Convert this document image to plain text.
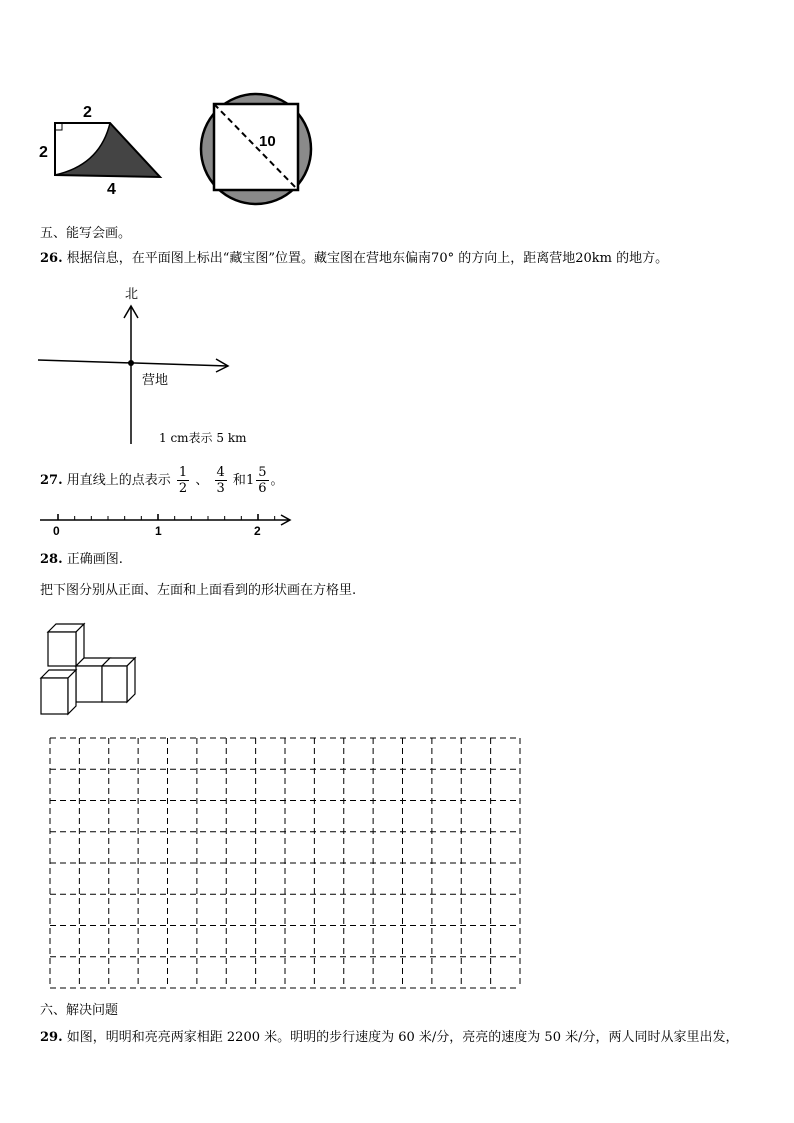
2
2
4
10
五、能写会画。
26. 根据信息，在平面图上标出“藏宝图”位置。藏宝图在营地东偏南70° 的方向上，距离营地20km 的地方。
北
营地
1 cm表示 5 km
27. 用直线上的点表示 $\frac{1}{2}$ 、 $\frac{4}{3}$ 和$1 \frac{5}{6}$ 。
0	1	2
28. 正确画图.
把下图分别从正面、左面和上面看到的形状画在方格里.
六、解决问题
29. 如图，明明和亮亮两家相距 2200 米。明明的步行速度为 60 米/分，亮亮的速度为 50 米/分，两人同时从家里出发，
